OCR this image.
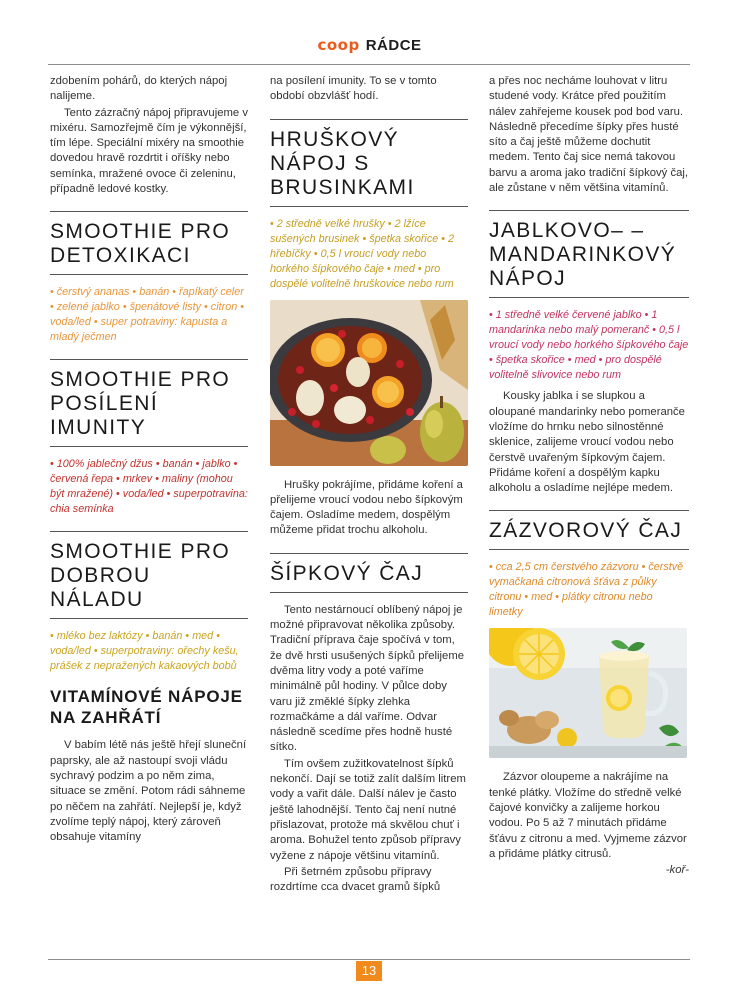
coop RÁDCE

zdobením pohárů, do kterých nápoj nalijeme.

Tento zázračný nápoj připravujeme v mixéru. Samozřejmě čím je výkonnější, tím lépe. Speciální mixéry na smoothie dovedou hravě rozdrtit i oříšky nebo semínka, mražené ovoce či zeleninu, případně ledové kostky.

SMOOTHIE PRO DETOXIKACI
• čerstvý ananas • banán • řapíkatý celer • zelené jablko • špenátové listy • citron • voda/led • super potraviny: kapusta a mladý ječmen
SMOOTHIE PRO POSÍLENÍ IMUNITY
• 100% jablečný džus • banán • jablko • červená řepa • mrkev • maliny (mohou být mražené) • voda/led • superpotravina: chia semínka
SMOOTHIE PRO DOBROU NÁLADU
• mléko bez laktózy • banán • med • voda/led • superpotraviny: ořechy kešu, prášek z nepražených kakaových bobů
VITAMÍNOVÉ NÁPOJE NA ZAHŘÁTÍ

V babím létě nás ještě hřejí sluneční paprsky, ale až nastoupí svoji vládu sychravý podzim a po něm zima, situace se změní. Potom rádi sáhneme po něčem na zahřátí. Nejlepší je, když zvolíme teplý nápoj, který zároveň obsahuje vitamíny

na posílení imunity. To se v tomto období obzvlášť hodí.

HRUŠKOVÝ NÁPOJ S BRUSINKAMI
• 2 středně velké hrušky • 2 lžíce sušených brusinek • špetka skořice • 2 hřebíčky • 0,5 l vroucí vody nebo horkého šípkového čaje • med • pro dospělé volitelně hruškovice nebo rum

Hrušky pokrájíme, přidáme koření a přelijeme vroucí vodou nebo šípkovým čajem. Osladíme medem, dospělým můžeme přidat trochu alkoholu.

ŠÍPKOVÝ ČAJ

Tento nestárnoucí oblíbený nápoj je možné připravovat několika způsoby. Tradiční příprava čaje spočívá v tom, že dvě hrsti usušených šípků přelijeme dvěma litry vody a poté vaříme minimálně půl hodiny. V půlce doby varu již změklé šípky zlehka rozmačkáme a dál vaříme. Odvar následně scedíme přes hodně husté sítko.

Tím ovšem zužitkovatelnost šípků nekončí. Dají se totiž zalít dalším litrem vody a vařit dále. Další nálev je často ještě lahodnější. Tento čaj není nutné přislazovat, protože má skvělou chuť i aroma. Bohužel tento způsob přípravy vyžene z nápoje většinu vitamínů.

Při šetrném způsobu přípravy rozdrtíme cca dvacet gramů šípků

a přes noc necháme louhovat v litru studené vody. Krátce před použitím nálev zahřejeme kousek pod bod varu. Následně přecedíme šípky přes husté síto a čaj ještě můžeme dochutit medem. Tento čaj sice nemá takovou barvu a aroma jako tradiční šípkový čaj, ale zůstane v něm většina vitamínů.

JABLKOVO– –MANDARINKOVÝ NÁPOJ
• 1 středně velké červené jablko • 1 mandarinka nebo malý pomeranč • 0,5 l vroucí vody nebo horkého šípkového čaje • špetka skořice • med • pro dospělé volitelně slivovice nebo rum

Kousky jablka i se slupkou a oloupané mandarinky nebo pomeranče vložíme do hrnku nebo silnostěnné sklenice, zalijeme vroucí vodou nebo čerstvě uvařeným šípkovým čajem. Přidáme koření a dospělým kapku alkoholu a osladíme nejlépe medem.

ZÁZVOROVÝ ČAJ
• cca 2,5 cm čerstvého zázvoru • čerstvě vymačkaná citronová šťáva z půlky citronu • med • plátky citronu nebo limetky

Zázvor oloupeme a nakrájíme na tenké plátky. Vložíme do středně velké čajové konvičky a zalijeme horkou vodou. Po 5 až 7 minutách přidáme šťávu z citronu a med. Vyjmeme zázvor a přidáme plátky citrusů.

-koř-

13
